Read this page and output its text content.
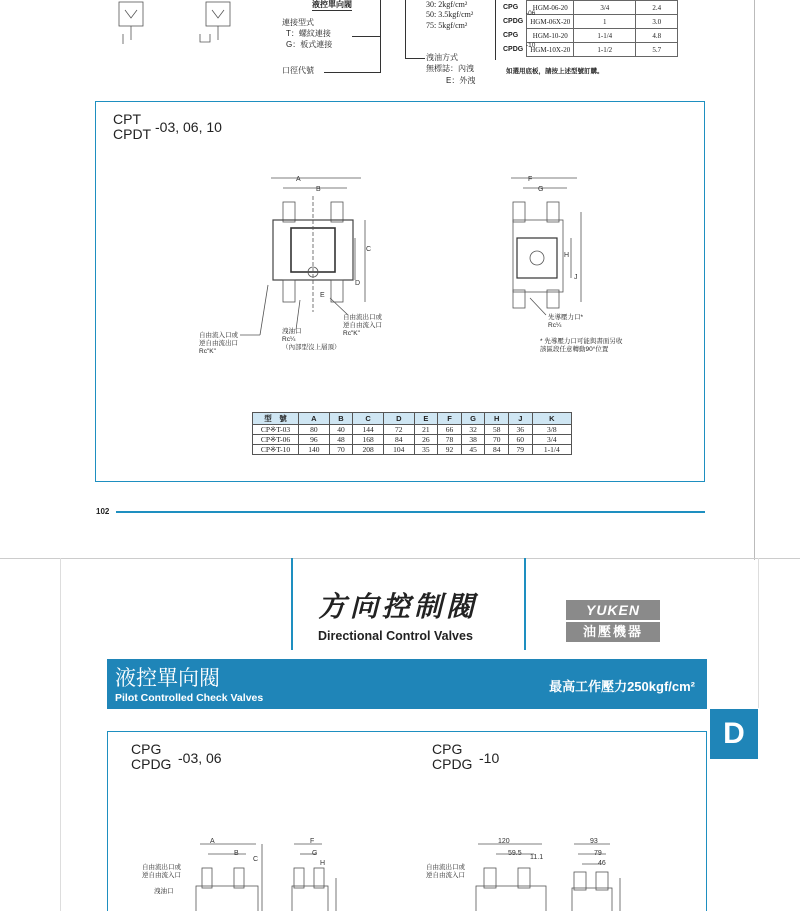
液控單向閥
連接型式
T：螺紋連接
G：板式連接
口徑代號
30: 2kgf/cm²
50: 3.5kgf/cm²
75: 5kgf/cm²
洩油方式
無標誌：內洩
E：外洩
CPG	HGM-06-20	3/4	2.4
CPDG	HGM-06X-20	1	3.0
CPG	HGM-10-20	1-1/4	4.8
CPDG	HGM-10X-20	1-1/2	5.7
-06
-10
如選用底板，請按上述型號訂購。
CPT
CPDT -03, 06, 10
A
B
C
D
E
F
G
H
J
自由流入口或
逆自由流出口
Rc"K"
洩油口
Rc¼
（內部型沒上層頂）
自由流出口或
逆自由流入口
Rc"K"
先導壓力口*
Rc¼
* 先導壓力口可能與書面另收
該區段任意轉動90°位置
型　號	A	B	C	D	E	F	G	H	J	K
CP※T-03	80	40	144	72	21	66	32	58	36	3/8
CP※T-06	96	48	168	84	26	78	38	70	60	3/4
CP※T-10	140	70	208	104	35	92	45	84	79	1-1/4
102
方向控制閥
Directional Control Valves
YUKEN
油壓機器
液控單向閥
Pilot Controlled Check Valves
最高工作壓力250kgf/cm²
D
CPG
CPDG -03, 06
CPG
CPDG -10
A
B
C
F
G
H
自由流出口或
逆自由流入口
洩油口
120
59.5
11.1
93
79
46
自由流出口或
逆自由流入口
